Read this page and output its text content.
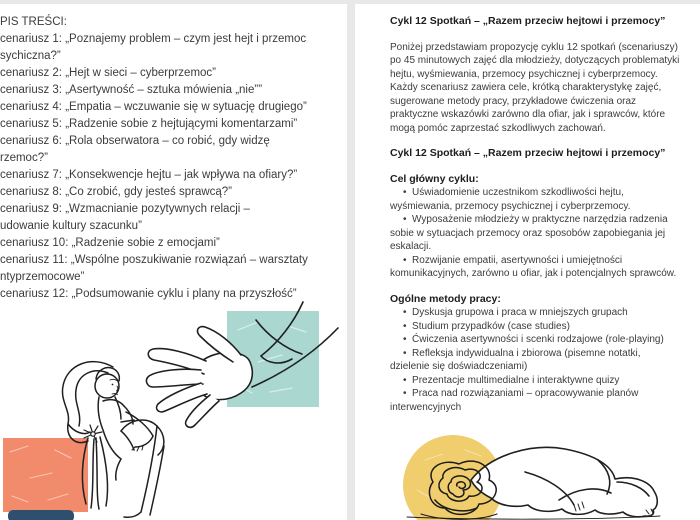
PIS TREŚCI:
cenariusz 1: „Poznajemy problem – czym jest hejt i przemoc
sychiczna?”
cenariusz 2: „Hejt w sieci – cyberprzemoc”
cenariusz 3: „Asertywność – sztuka mówienia „nie””
cenariusz 4: „Empatia – wczuwanie się w sytuację drugiego”
cenariusz 5: „Radzenie sobie z hejtującymi komentarzami”
cenariusz 6: „Rola obserwatora – co robić, gdy widzę
rzemoc?”
cenariusz 7: „Konsekwencje hejtu – jak wpływa na ofiary?”
cenariusz 8: „Co zrobić, gdy jesteś sprawcą?”
cenariusz 9: „Wzmacnianie pozytywnych relacji –
udowanie kultury szacunku”
cenariusz 10: „Radzenie sobie z emocjami”
cenariusz 11: „Wspólne poszukiwanie rozwiązań – warsztaty
ntyprzemocowe”
cenariusz 12: „Podsumowanie cyklu i plany na przyszłość”
Cykl 12 Spotkań – „Razem przeciw hejtowi i przemocy”
Poniżej przedstawiam propozycję cyklu 12 spotkań (scenariuszy)
po 45 minutowych zajęć dla młodzieży, dotyczących problematyki
hejtu, wyśmiewania, przemocy psychicznej i cyberprzemocy.
Każdy scenariusz zawiera cele, krótką charakterystykę zajęć,
sugerowane metody pracy, przykładowe ćwiczenia oraz
praktyczne wskazówki zarówno dla ofiar, jak i sprawców, które
mogą pomóc zaprzestać szkodliwych zachowań.
Cykl 12 Spotkań – „Razem przeciw hejtowi i przemocy”
Cel główny cyklu:
•  Uświadomienie uczestnikom szkodliwości hejtu,
wyśmiewania, przemocy psychicznej i cyberprzemocy.
•  Wyposażenie młodzieży w praktyczne narzędzia radzenia
sobie w sytuacjach przemocy oraz sposobów zapobiegania jej
eskalacji.
•  Rozwijanie empatii, asertywności i umiejętności
komunikacyjnych, zarówno u ofiar, jak i potencjalnych sprawców.
Ogólne metody pracy:
•  Dyskusja grupowa i praca w mniejszych grupach
•  Studium przypadków (case studies)
•  Ćwiczenia asertywności i scenki rodzajowe (role-playing)
•  Refleksja indywidualna i zbiorowa (pisemne notatki,
dzielenie się doświadczeniami)
•  Prezentacje multimedialne i interaktywne quizy
•  Praca nad rozwiązaniami – opracowywanie planów
interwencyjnych
